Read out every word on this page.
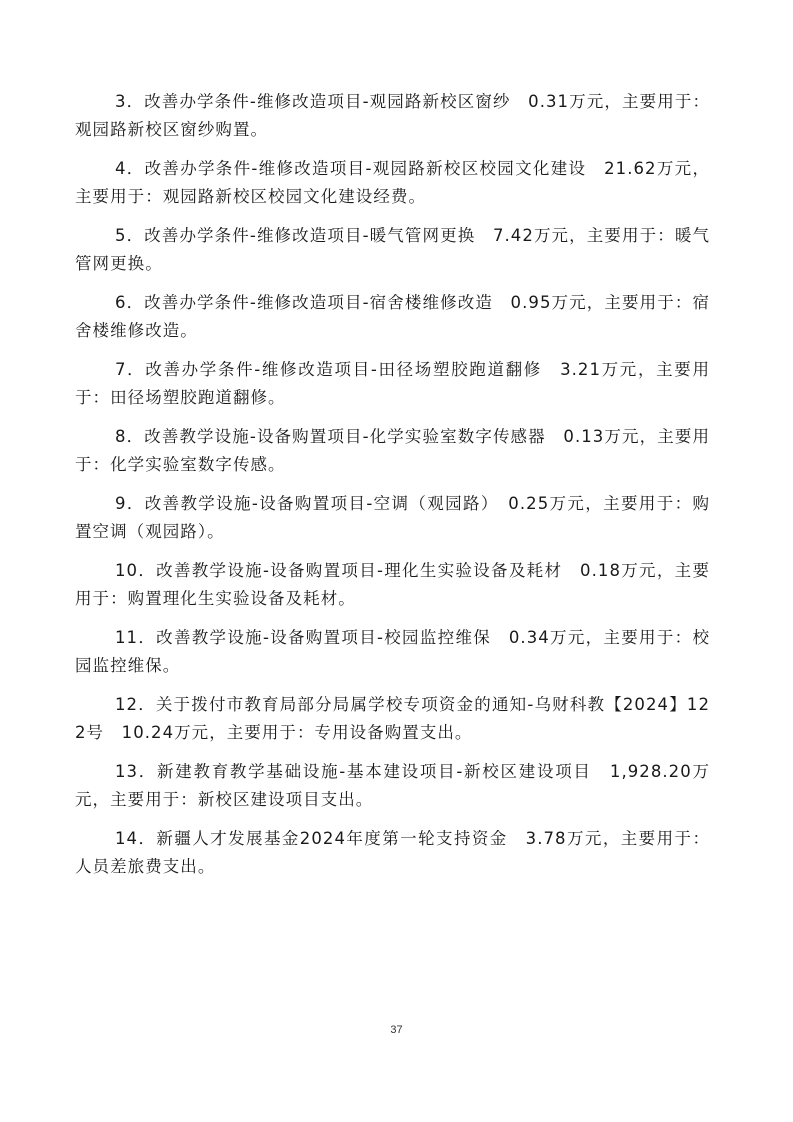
3．改善办学条件-维修改造项目-观园路新校区窗纱　0.31万元，主要用于：观园路新校区窗纱购置。
4．改善办学条件-维修改造项目-观园路新校区校园文化建设　21.62万元，主要用于：观园路新校区校园文化建设经费。
5．改善办学条件-维修改造项目-暖气管网更换　7.42万元，主要用于：暖气管网更换。
6．改善办学条件-维修改造项目-宿舍楼维修改造　0.95万元，主要用于：宿舍楼维修改造。
7．改善办学条件-维修改造项目-田径场塑胶跑道翻修　3.21万元，主要用于：田径场塑胶跑道翻修。
8．改善教学设施-设备购置项目-化学实验室数字传感器　0.13万元，主要用于：化学实验室数字传感。
9．改善教学设施-设备购置项目-空调（观园路）　0.25万元，主要用于：购置空调（观园路）。
10．改善教学设施-设备购置项目-理化生实验设备及耗材　0.18万元，主要用于：购置理化生实验设备及耗材。
11．改善教学设施-设备购置项目-校园监控维保　0.34万元，主要用于：校园监控维保。
12．关于拨付市教育局部分局属学校专项资金的通知-乌财科教【2024】122号　10.24万元，主要用于：专用设备购置支出。
13．新建教育教学基础设施-基本建设项目-新校区建设项目　1,928.20万元，主要用于：新校区建设项目支出。
14．新疆人才发展基金2024年度第一轮支持资金　3.78万元，主要用于：人员差旅费支出。
37
